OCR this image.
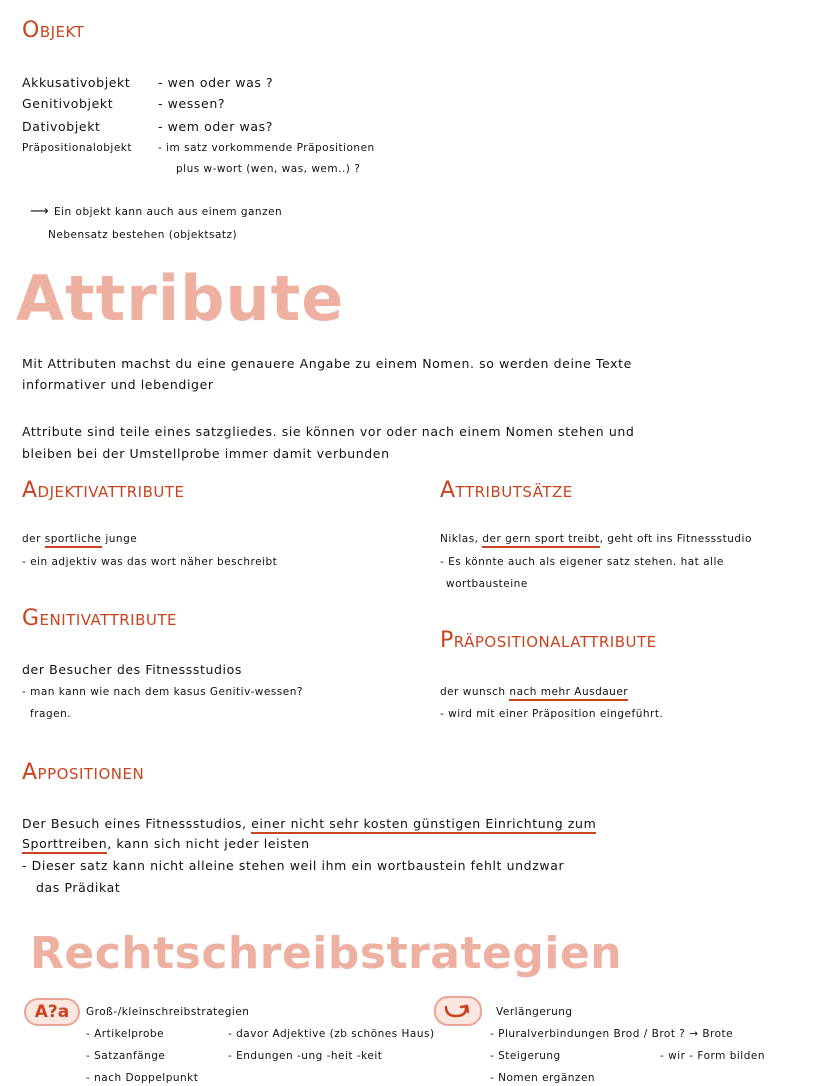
Objekt
Akkusativobjekt - wen oder was ?
Genitivobjekt	- wessen?
Dativobjekt	- wem oder was?
Präpositionalobjekt - im satz vorkommende Präpositionen
plus w-wort (wen, was, wem..) ?
⟶ Ein objekt kann auch aus einem ganzen
Nebensatz bestehen (objektsatz)
Attribute
Mit Attributen machst du eine genauere Angabe zu einem Nomen. so werden deine Texte
informativer und lebendiger
Attribute sind teile eines satzgliedes. sie können vor oder nach einem Nomen stehen und
bleiben bei der Umstellprobe immer damit verbunden
Adjektivattribute
der sportliche junge
- ein adjektiv was das wort näher beschreibt
Attributsätze
Niklas, der gern sport treibt, geht oft ins Fitnessstudio
- Es könnte auch als eigener satz stehen. hat alle
wortbausteine
Genitivattribute
der Besucher des Fitnessstudios
- man kann wie nach dem kasus Genitiv-wessen?
fragen.
Präpositionalattribute
der wunsch nach mehr Ausdauer
- wird mit einer Präposition eingeführt.
Appositionen
Der Besuch eines Fitnessstudios, einer nicht sehr kosten günstigen Einrichtung zum
Sporttreiben, kann sich nicht jeder leisten
- Dieser satz kann nicht alleine stehen weil ihm ein wortbaustein fehlt undzwar
das Prädikat
Rechtschreibstrategien
A?a	Groß-/kleinschreibstrategien
- Artikelprobe
- Satzanfänge
- nach Doppelpunkt
- davor Adjektive (zb schönes Haus)
- Endungen -ung -heit -keit
Verlängerung
- Pluralverbindungen Brod / Brot ? → Brote
- Steigerung
- Nomen ergänzen
- wir - Form bilden
